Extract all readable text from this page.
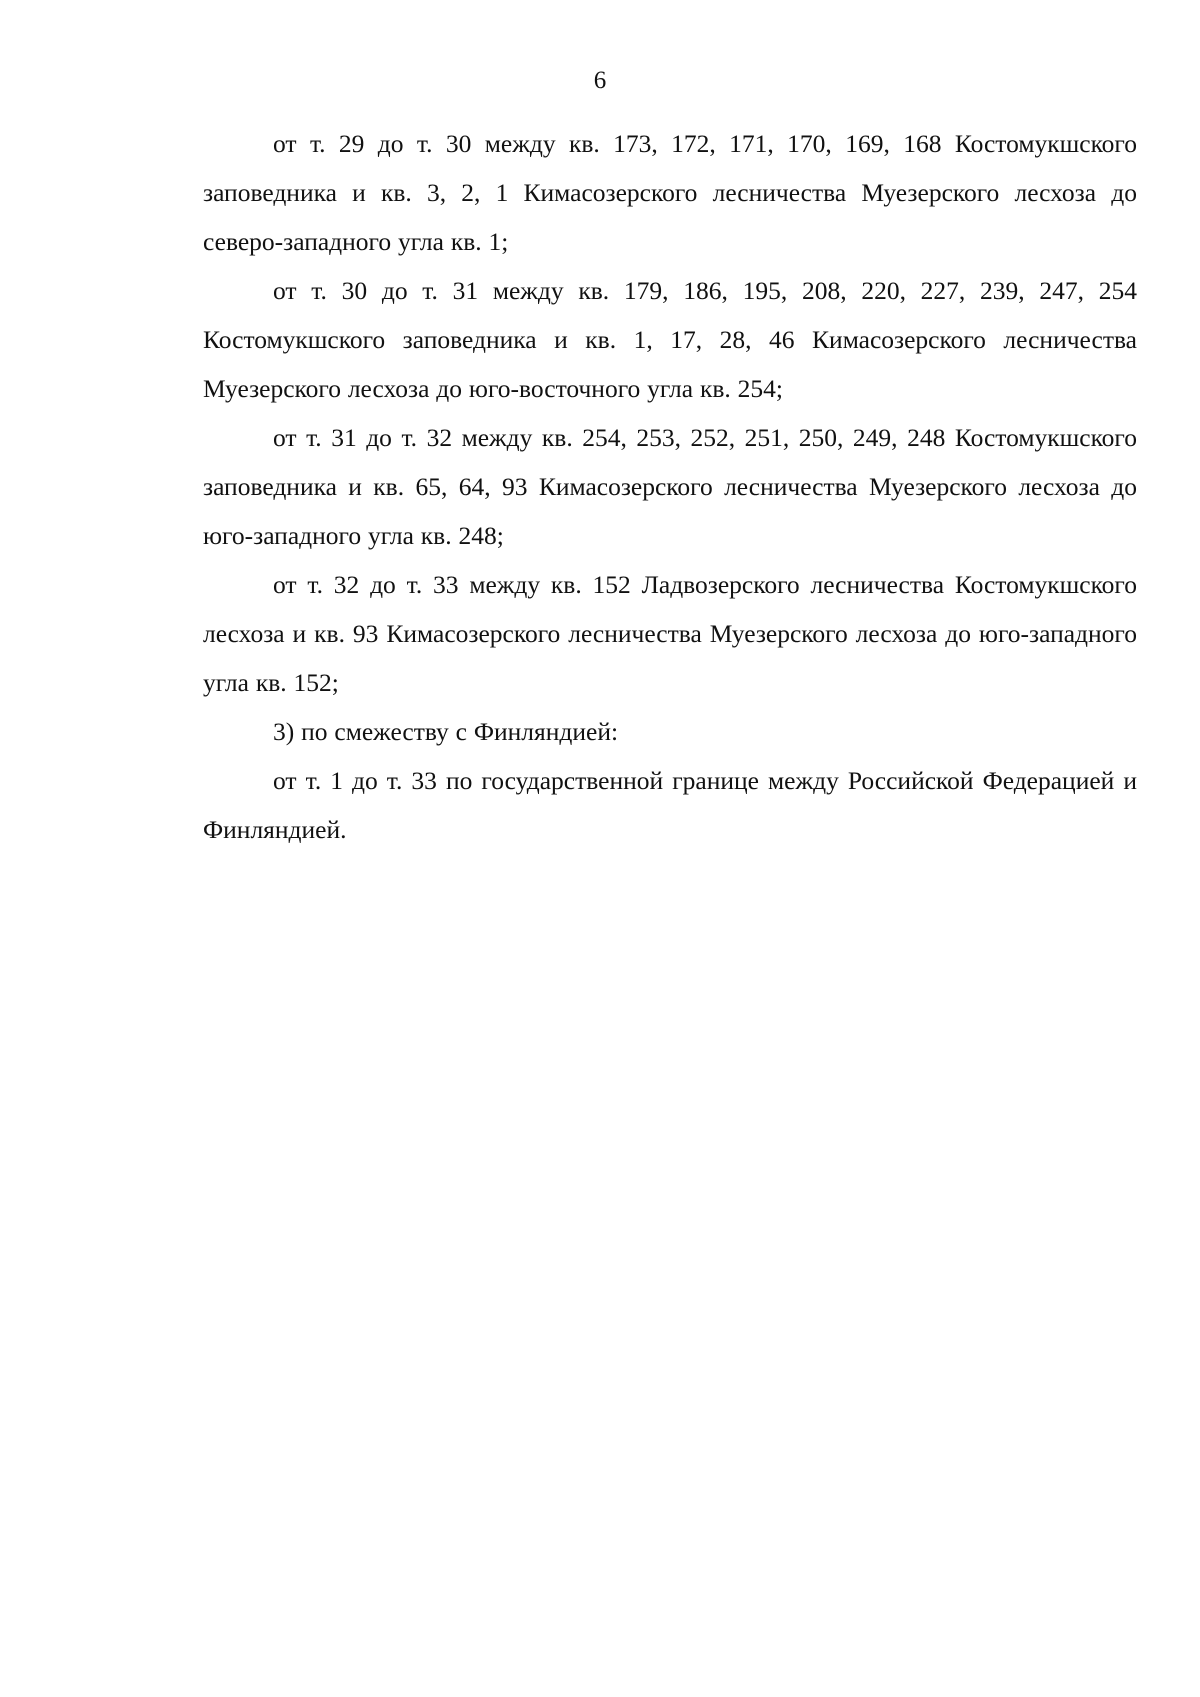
6

от т. 29 до т. 30 между кв. 173, 172, 171, 170, 169, 168 Костомукшского заповедника и кв. 3, 2, 1 Кимасозерского лесничества Муезерского лесхоза до северо-западного угла кв. 1;

от т. 30 до т. 31 между кв. 179, 186, 195, 208, 220, 227, 239, 247, 254 Костомукшского заповедника и кв. 1, 17, 28, 46 Кимасозерского лесничества Муезерского лесхоза до юго-восточного угла кв. 254;

от т. 31 до т. 32 между кв. 254, 253, 252, 251, 250, 249, 248 Костомукшского заповедника и кв. 65, 64, 93 Кимасозерского лесничества Муезерского лесхоза до юго-западного угла кв. 248;

от т. 32 до т. 33 между кв. 152 Ладвозерского лесничества Костомукшского лесхоза и кв. 93 Кимасозерского лесничества Муезерского лесхоза до юго-западного угла кв. 152;

3) по смежеству с Финляндией:

от т. 1 до т. 33 по государственной границе между Российской Федерацией и Финляндией.
